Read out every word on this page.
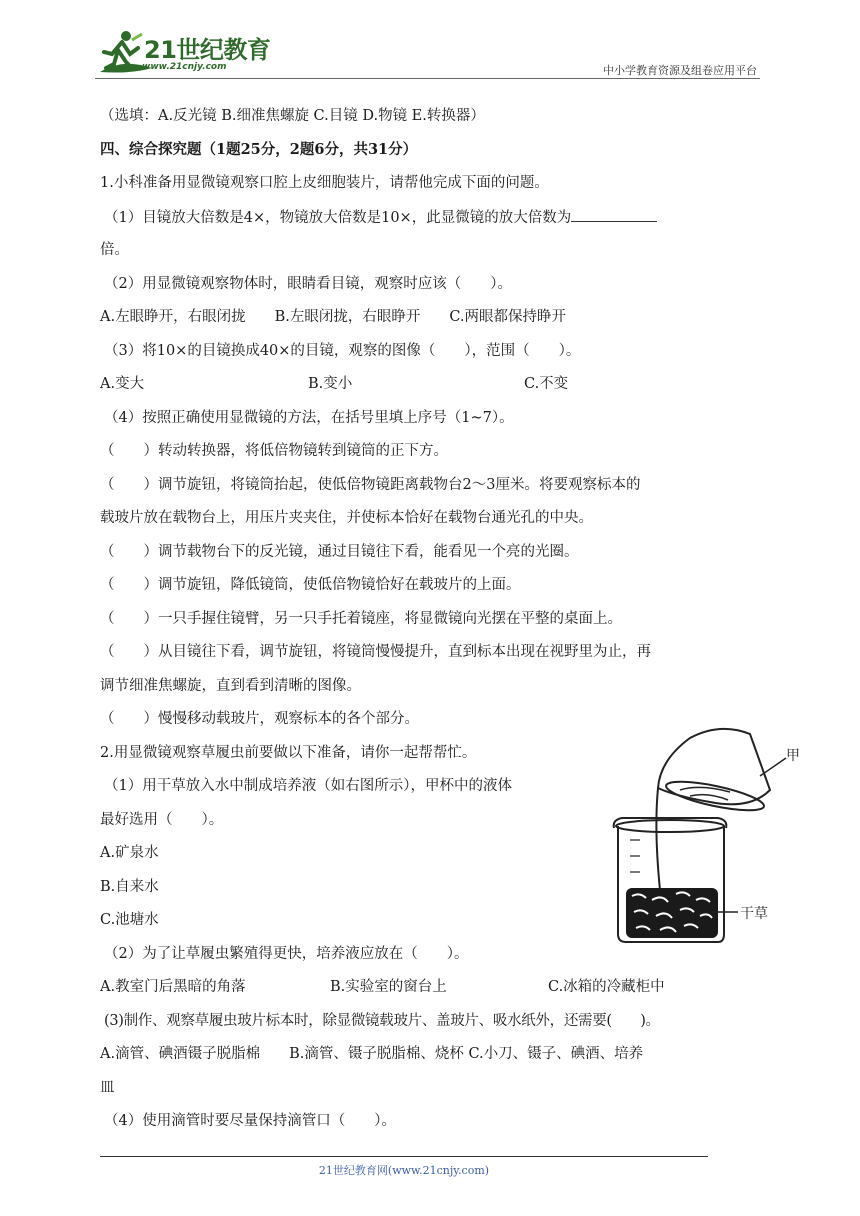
21世纪教育
www.21cnjy.com	中小学教育资源及组卷应用平台
（选填：A.反光镜 B.细准焦螺旋 C.目镜 D.物镜 E.转换器）
四、综合探究题（1题25分，2题6分，共31分）
1.小科准备用显微镜观察口腔上皮细胞装片，请帮他完成下面的问题。
（1）目镜放大倍数是4×，物镜放大倍数是10×，此显微镜的放大倍数为
倍。
（2）用显微镜观察物体时，眼睛看目镜，观察时应该（　　）。
A.左眼睁开，右眼闭拢　　B.左眼闭拢，右眼睁开　　C.两眼都保持睁开
（3）将10×的目镜换成40×的目镜，观察的图像（　　），范围（　　）。
A.变大	B.变小	C.不变
（4）按照正确使用显微镜的方法，在括号里填上序号（1~7）。
（　　）转动转换器，将低倍物镜转到镜筒的正下方。
（　　）调节旋钮，将镜筒抬起，使低倍物镜距离载物台2～3厘米。将要观察标本的
载玻片放在载物台上，用压片夹夹住，并使标本恰好在载物台通光孔的中央。
（　　）调节载物台下的反光镜，通过目镜往下看，能看见一个亮的光圈。
（　　）调节旋钮，降低镜筒，使低倍物镜恰好在载玻片的上面。
（　　）一只手握住镜臂，另一只手托着镜座，将显微镜向光摆在平整的桌面上。
（　　）从目镜往下看，调节旋钮，将镜筒慢慢提升，直到标本出现在视野里为止，再
调节细准焦螺旋，直到看到清晰的图像。
（　　）慢慢移动载玻片，观察标本的各个部分。
2.用显微镜观察草履虫前要做以下准备，请你一起帮帮忙。
（1）用干草放入水中制成培养液（如右图所示），甲杯中的液体
最好选用（　　）。
A.矿泉水
B.自来水
C.池塘水
（2）为了让草履虫繁殖得更快，培养液应放在（　　）。
A.教室门后黑暗的角落	B.实验室的窗台上	C.冰箱的冷藏柜中
(3)制作、观察草履虫玻片标本时，除显微镜载玻片、盖玻片、吸水纸外，还需要(　　)。
A.滴管、碘酒镊子脱脂棉　　B.滴管、镊子脱脂棉、烧杯 C.小刀、镊子、碘酒、培养
皿
（4）使用滴管时要尽量保持滴管口（　　）。
甲
干草
21世纪教育网(www.21cnjy.com)
